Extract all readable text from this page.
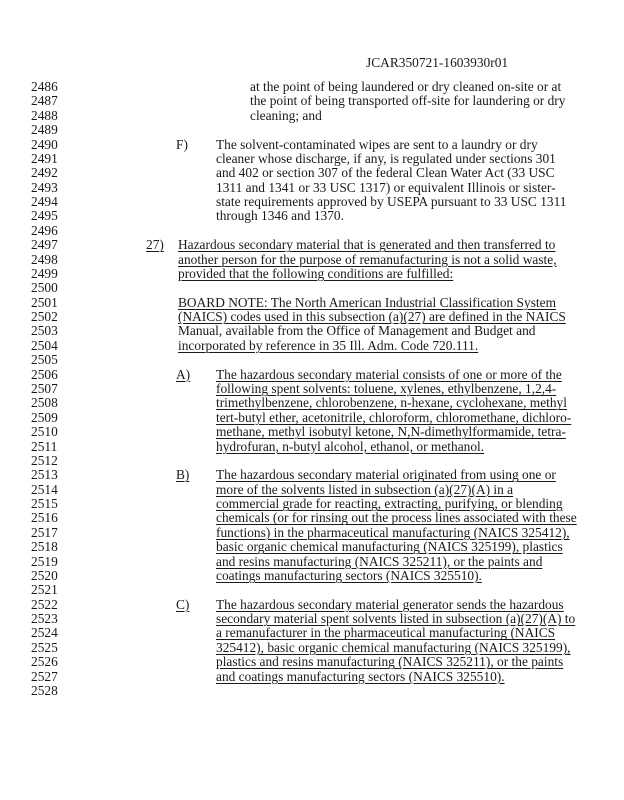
JCAR350721-1603930r01
2486	at the point of being laundered or dry cleaned on-site or at
2487	the point of being transported off-site for laundering or dry
2488	cleaning; and
2489
2490	F) The solvent-contaminated wipes are sent to a laundry or dry
2491	cleaner whose discharge, if any, is regulated under sections 301
2492	and 402 or section 307 of the federal Clean Water Act (33 USC
2493	1311 and 1341 or 33 USC 1317) or equivalent Illinois or sister-
2494	state requirements approved by USEPA pursuant to 33 USC 1311
2495	through 1346 and 1370.
2496
2497	27) Hazardous secondary material that is generated and then transferred to
2498	another person for the purpose of remanufacturing is not a solid waste,
2499	provided that the following conditions are fulfilled:
2500
2501	BOARD NOTE: The North American Industrial Classification System
2502	(NAICS) codes used in this subsection (a)(27) are defined in the NAICS
2503	Manual, available from the Office of Management and Budget and
2504	incorporated by reference in 35 Ill. Adm. Code 720.111.
2505
2506	A) The hazardous secondary material consists of one or more of the
2507	following spent solvents: toluene, xylenes, ethylbenzene, 1,2,4-
2508	trimethylbenzene, chlorobenzene, n-hexane, cyclohexane, methyl
2509	tert-butyl ether, acetonitrile, chloroform, chloromethane, dichloro-
2510	methane, methyl isobutyl ketone, N,N-dimethylformamide, tetra-
2511	hydrofuran, n-butyl alcohol, ethanol, or methanol.
2512
2513	B) The hazardous secondary material originated from using one or
2514	more of the solvents listed in subsection (a)(27)(A) in a
2515	commercial grade for reacting, extracting, purifying, or blending
2516	chemicals (or for rinsing out the process lines associated with these
2517	functions) in the pharmaceutical manufacturing (NAICS 325412),
2518	basic organic chemical manufacturing (NAICS 325199), plastics
2519	and resins manufacturing (NAICS 325211), or the paints and
2520	coatings manufacturing sectors (NAICS 325510).
2521
2522	C) The hazardous secondary material generator sends the hazardous
2523	secondary material spent solvents listed in subsection (a)(27)(A) to
2524	a remanufacturer in the pharmaceutical manufacturing (NAICS
2525	325412), basic organic chemical manufacturing (NAICS 325199),
2526	plastics and resins manufacturing (NAICS 325211), or the paints
2527	and coatings manufacturing sectors (NAICS 325510).
2528
